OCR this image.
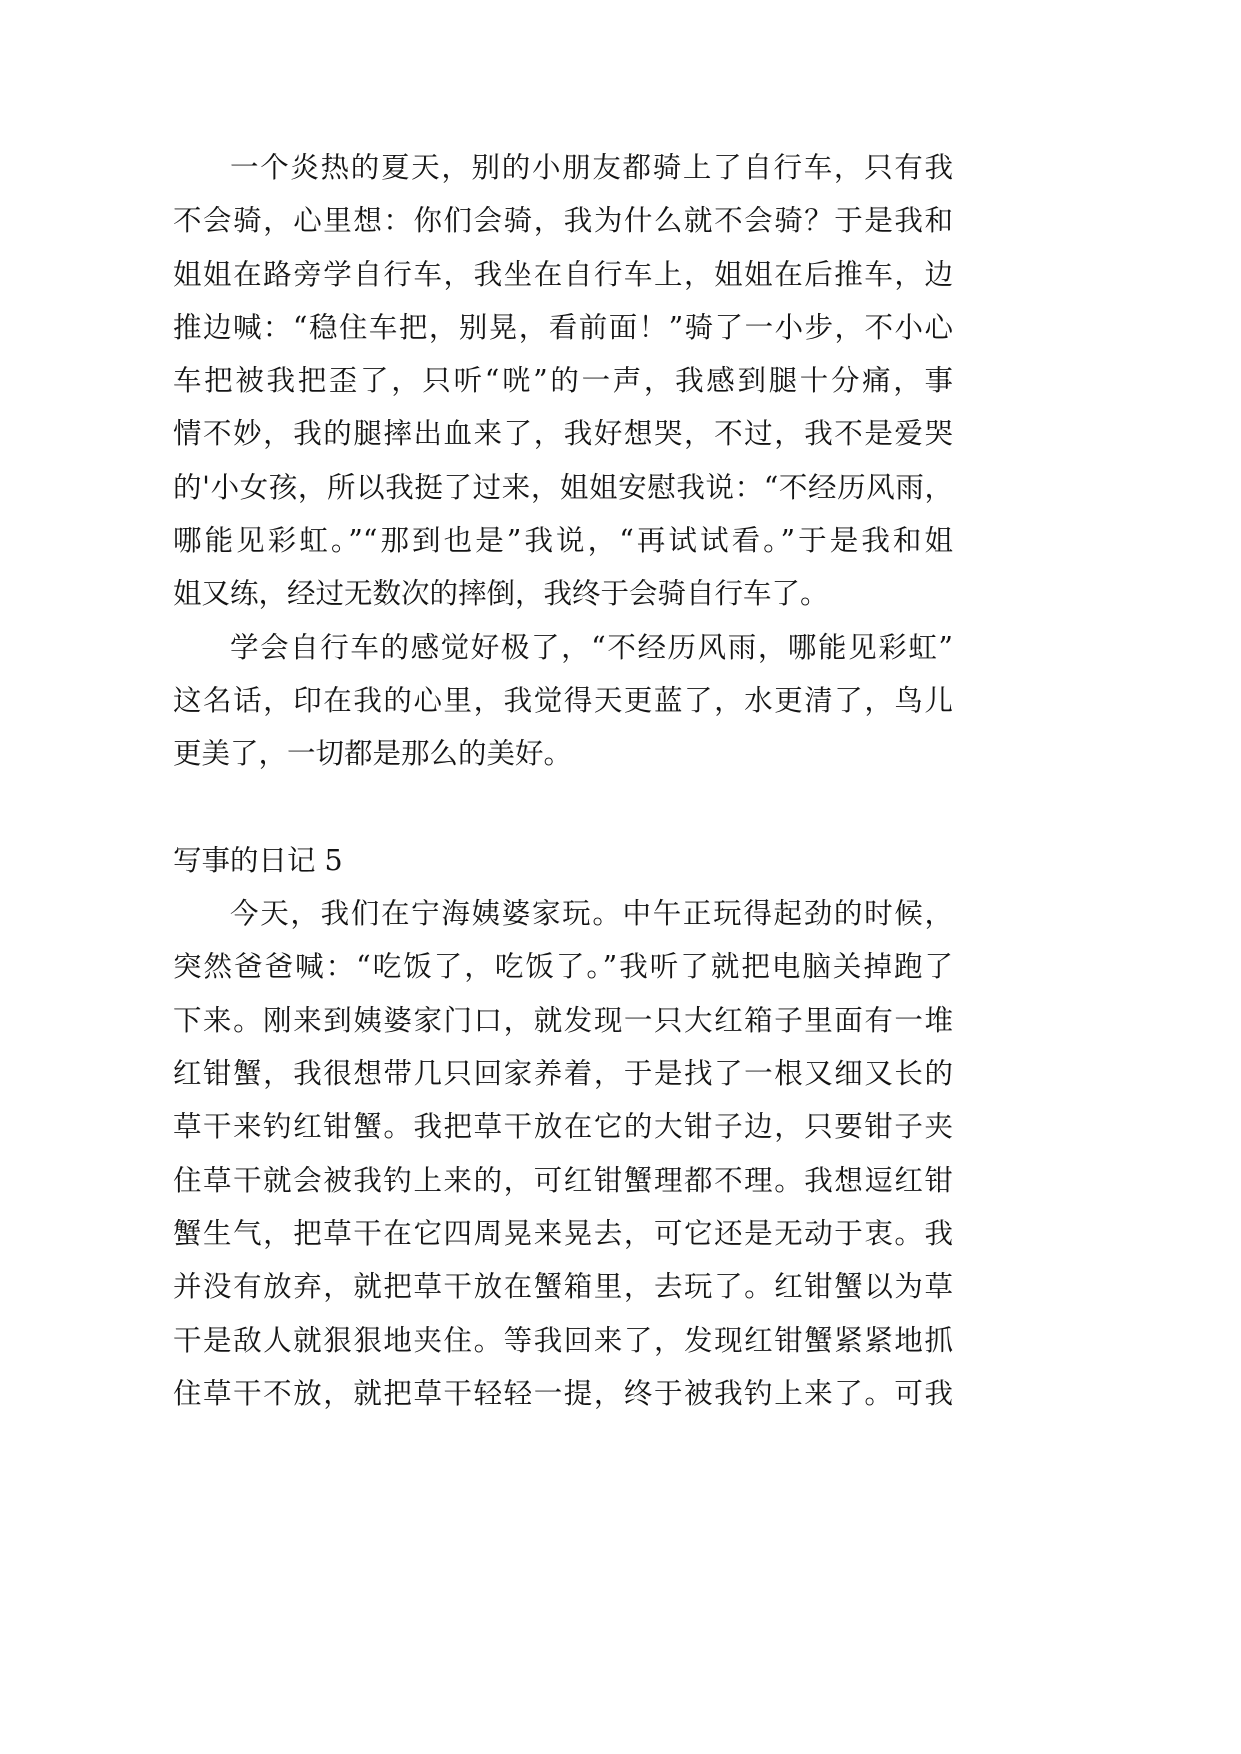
一个炎热的夏天，别的小朋友都骑上了自行车，只有我
不会骑，心里想：你们会骑，我为什么就不会骑？于是我和
姐姐在路旁学自行车，我坐在自行车上，姐姐在后推车，边
推边喊：“稳住车把，别晃，看前面！”骑了一小步，不小心
车把被我把歪了，只听“咣”的一声，我感到腿十分痛，事
情不妙，我的腿摔出血来了，我好想哭，不过，我不是爱哭
的'小女孩，所以我挺了过来，姐姐安慰我说：“不经历风雨，
哪能见彩虹。”“那到也是”我说，“再试试看。”于是我和姐
姐又练，经过无数次的摔倒，我终于会骑自行车了。
学会自行车的感觉好极了，“不经历风雨，哪能见彩虹”
这名话，印在我的心里，我觉得天更蓝了，水更清了，鸟儿
更美了，一切都是那么的美好。
写事的日记 5
今天，我们在宁海姨婆家玩。中午正玩得起劲的时候，
突然爸爸喊：“吃饭了，吃饭了。”我听了就把电脑关掉跑了
下来。刚来到姨婆家门口，就发现一只大红箱子里面有一堆
红钳蟹，我很想带几只回家养着，于是找了一根又细又长的
草干来钓红钳蟹。我把草干放在它的大钳子边，只要钳子夹
住草干就会被我钓上来的，可红钳蟹理都不理。我想逗红钳
蟹生气，把草干在它四周晃来晃去，可它还是无动于衷。我
并没有放弃，就把草干放在蟹箱里，去玩了。红钳蟹以为草
干是敌人就狠狠地夹住。等我回来了，发现红钳蟹紧紧地抓
住草干不放，就把草干轻轻一提，终于被我钓上来了。可我
